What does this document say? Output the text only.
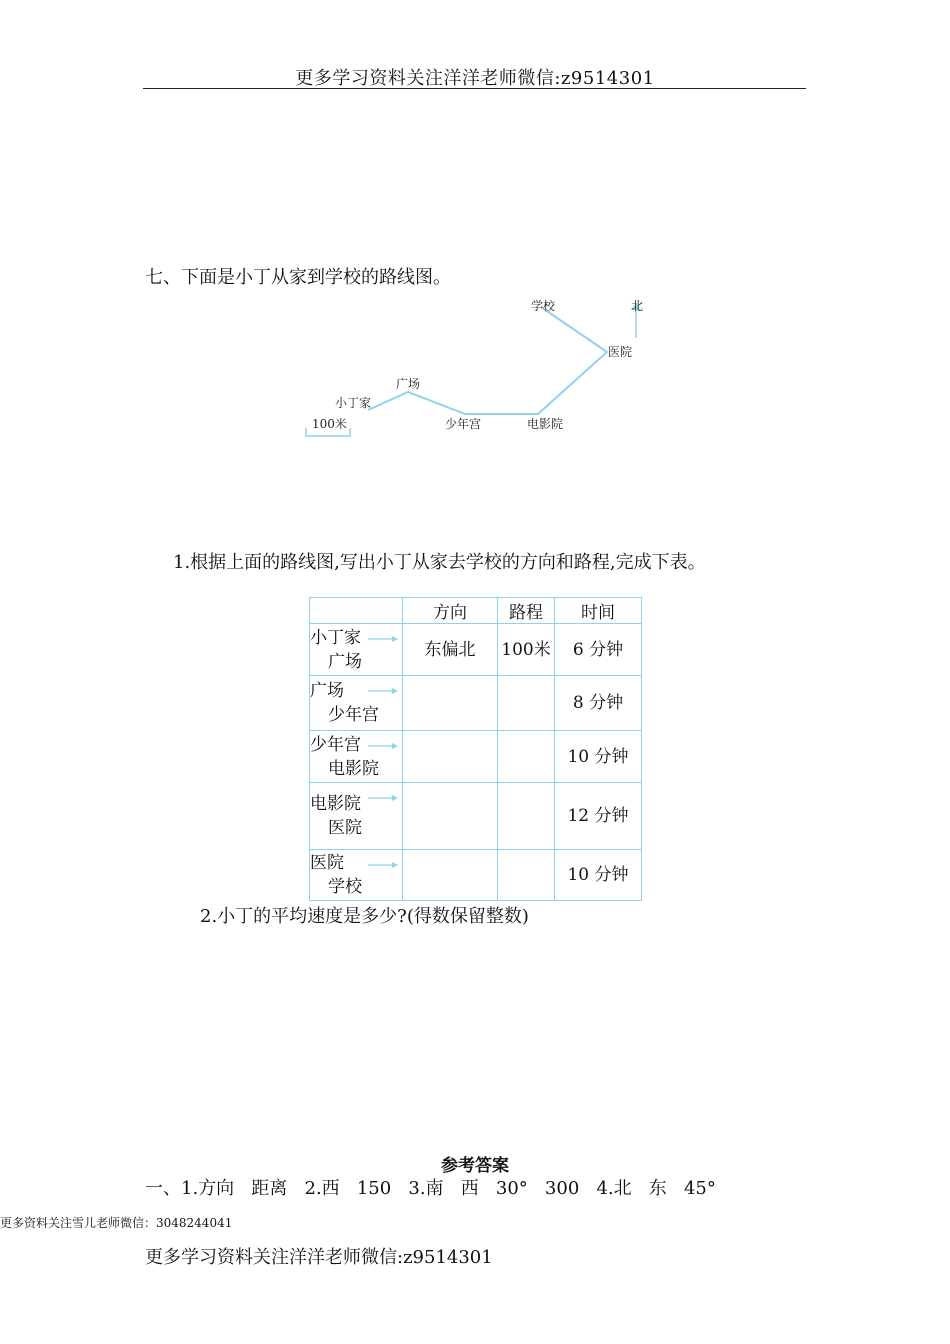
更多学习资料关注洋洋老师微信:z9514301
七、下面是小丁从家到学校的路线图。
北
小丁家
广场
少年宫	电影院
医院
学校
100米
1.根据上面的路线图,写出小丁从家去学校的方向和路程,完成下表。
	方向	路程	时间
小丁家
广场	东偏北	100米	6 分钟
广场
少年宫			8 分钟
少年宫
电影院			10 分钟
电影院
医院			12 分钟
医院
学校			10 分钟
2.小丁的平均速度是多少?(得数保留整数)
参考答案
一、1.方向   距离   2.西   150   3.南   西   30°   300   4.北   东   45°
更多资料关注雪儿老师微信：3048244041
更多学习资料关注洋洋老师微信:z9514301
